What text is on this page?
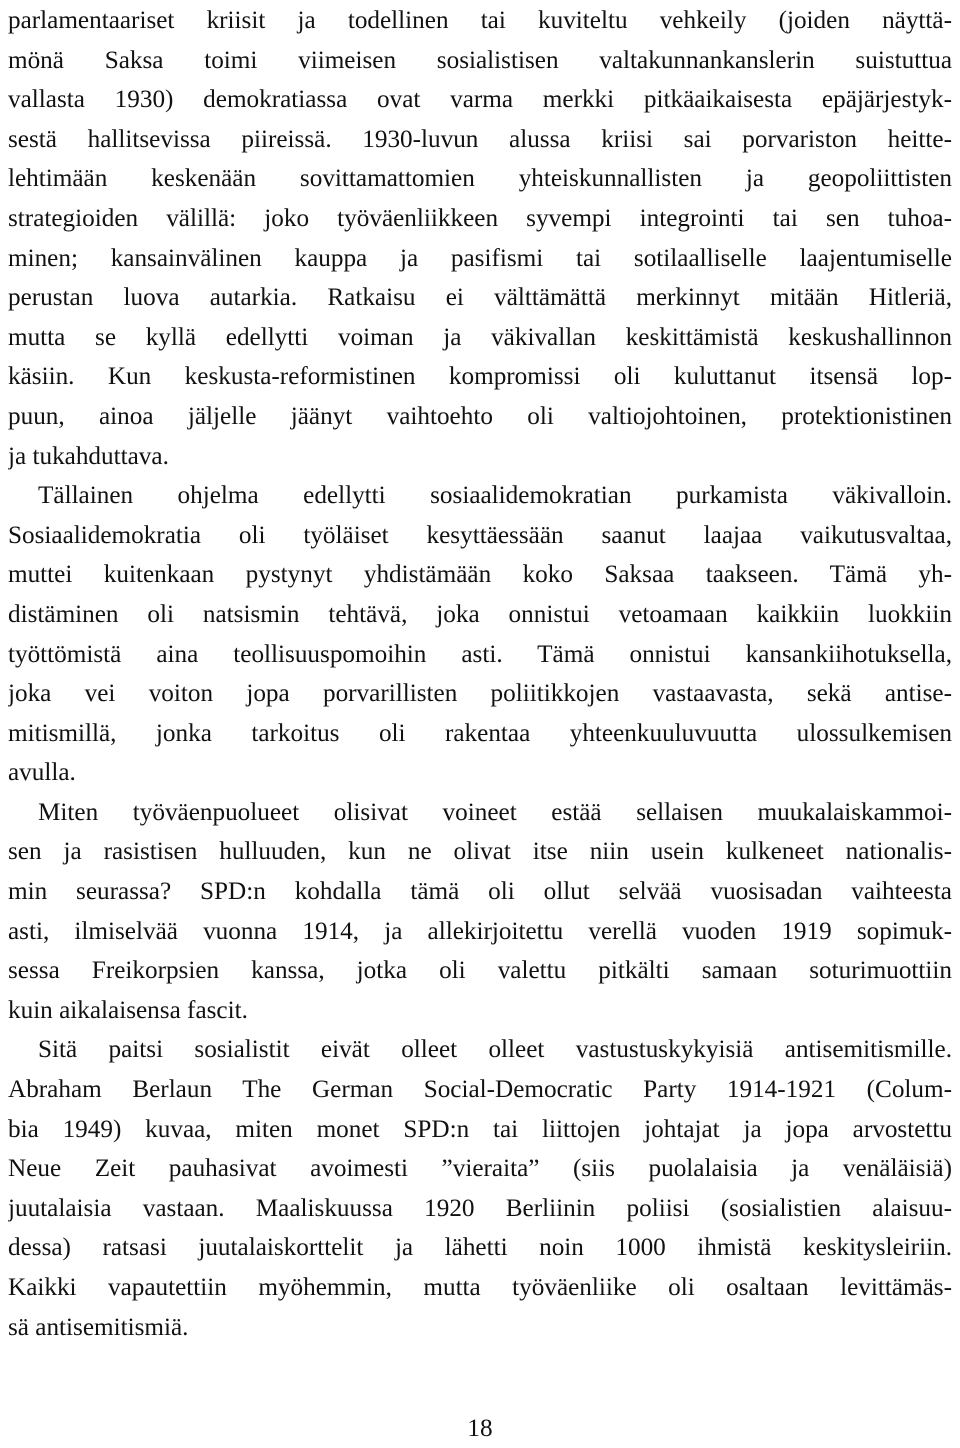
parlamentaariset kriisit ja todellinen tai kuviteltu vehkeily (joiden näyttä-
mönä Saksa toimi viimeisen sosialistisen valtakunnankanslerin suistuttua
vallasta 1930) demokratiassa ovat varma merkki pitkäaikaisesta epäjärjestyk-
sestä hallitsevissa piireissä. 1930-luvun alussa kriisi sai porvariston heitte-
lehtimään keskenään sovittamattomien yhteiskunnallisten ja geopoliittisten
strategioiden välillä: joko työväenliikkeen syvempi integrointi tai sen tuhoa-
minen; kansainvälinen kauppa ja pasifismi tai sotilaalliselle laajentumiselle
perustan luova autarkia. Ratkaisu ei välttämättä merkinnyt mitään Hitleriä,
mutta se kyllä edellytti voiman ja väkivallan keskittämistä keskushallinnon
käsiin. Kun keskusta-reformistinen kompromissi oli kuluttanut itsensä lop-
puun, ainoa jäljelle jäänyt vaihtoehto oli valtiojohtoinen, protektionistinen
ja tukahduttava.
Tällainen ohjelma edellytti sosiaalidemokratian purkamista väkivalloin.
Sosiaalidemokratia oli työläiset kesyttäessään saanut laajaa vaikutusvaltaa,
muttei kuitenkaan pystynyt yhdistämään koko Saksaa taakseen. Tämä yh-
distäminen oli natsismin tehtävä, joka onnistui vetoamaan kaikkiin luokkiin
työttömistä aina teollisuuspomoihin asti. Tämä onnistui kansankiihotuksella,
joka vei voiton jopa porvarillisten poliitikkojen vastaavasta, sekä antise-
mitismillä, jonka tarkoitus oli rakentaa yhteenkuuluvuutta ulossulkemisen
avulla.
Miten työväenpuolueet olisivat voineet estää sellaisen muukalaiskammoi-
sen ja rasistisen hulluuden, kun ne olivat itse niin usein kulkeneet nationalis-
min seurassa? SPD:n kohdalla tämä oli ollut selvää vuosisadan vaihteesta
asti, ilmiselvää vuonna 1914, ja allekirjoitettu verellä vuoden 1919 sopimuk-
sessa Freikorpsien kanssa, jotka oli valettu pitkälti samaan soturimuottiin
kuin aikalaisensa fascit.
Sitä paitsi sosialistit eivät olleet olleet vastustuskykyisiä antisemitismille.
Abraham Berlaun The German Social-Democratic Party 1914-1921 (Colum-
bia 1949) kuvaa, miten monet SPD:n tai liittojen johtajat ja jopa arvostettu
Neue Zeit pauhasivat avoimesti ”vieraita” (siis puolalaisia ja venäläisiä)
juutalaisia vastaan. Maaliskuussa 1920 Berliinin poliisi (sosialistien alaisuu-
dessa) ratsasi juutalaiskorttelit ja lähetti noin 1000 ihmistä keskitysleiriin.
Kaikki vapautettiin myöhemmin, mutta työväenliike oli osaltaan levittämäs-
sä antisemitismiä.
18
